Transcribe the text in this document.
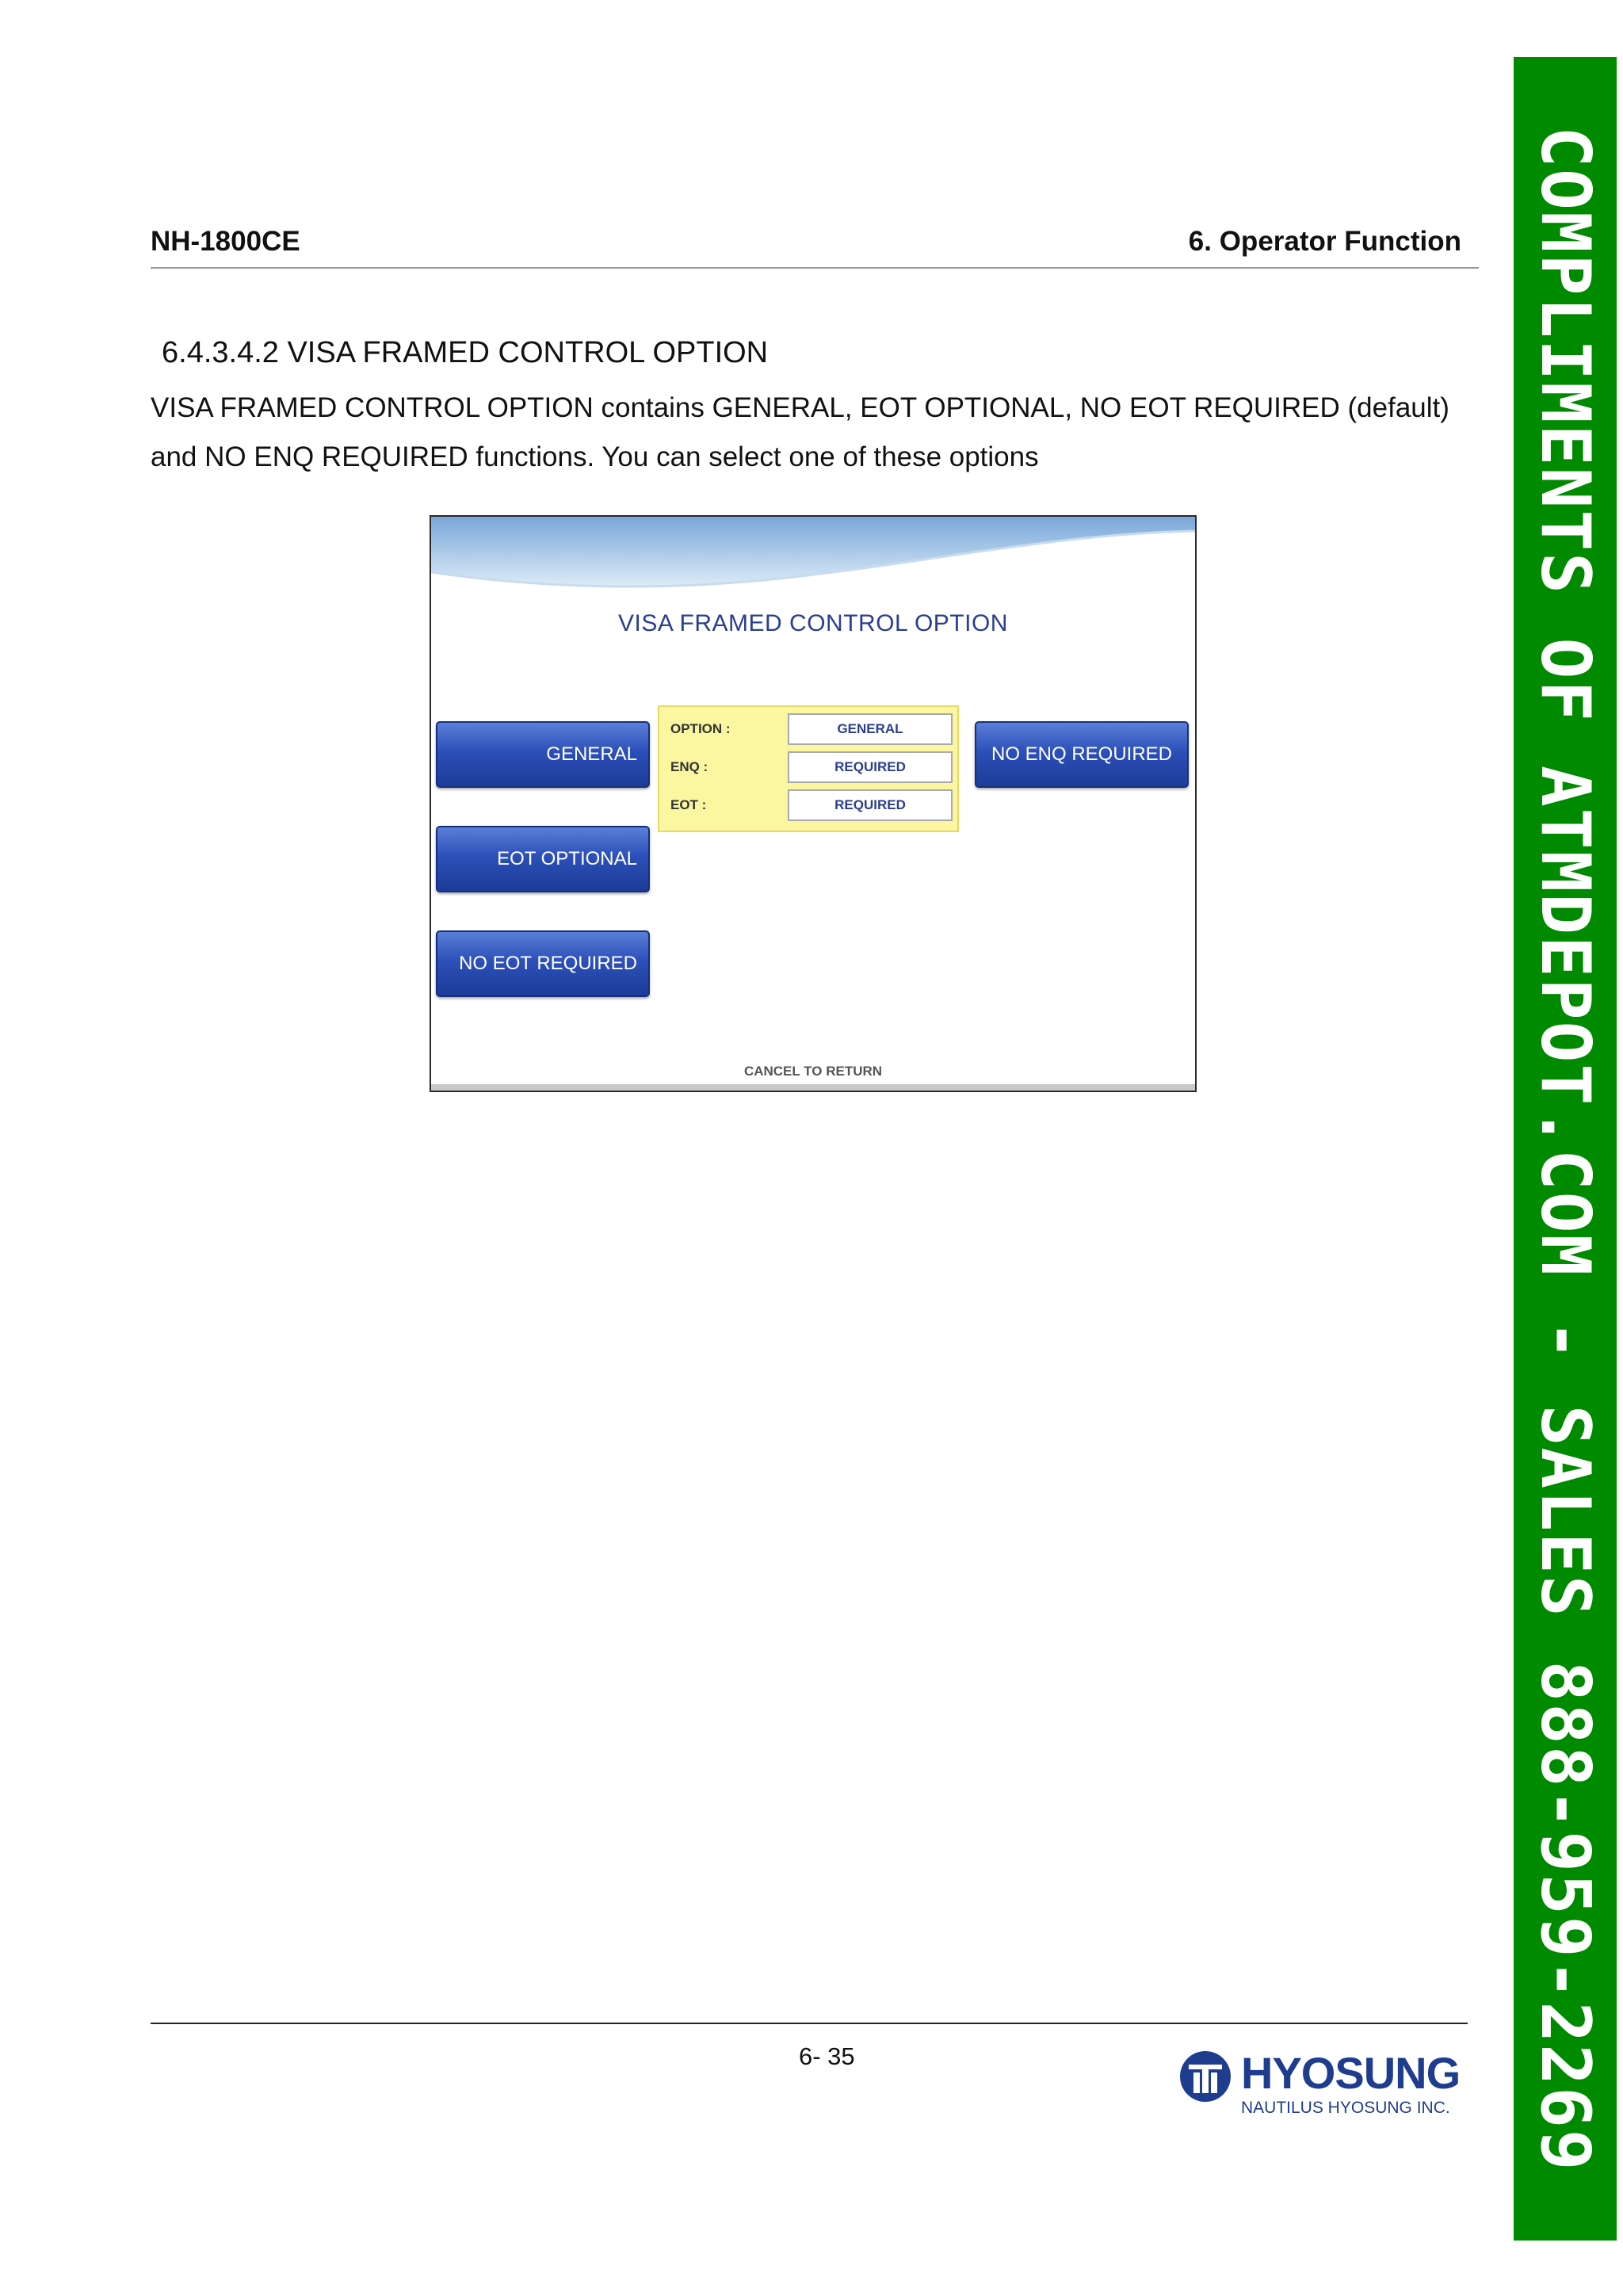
NH-1800CE	6. Operator Function
6.4.3.4.2 VISA FRAMED CONTROL OPTION
VISA FRAMED CONTROL OPTION contains GENERAL, EOT OPTIONAL, NO EOT REQUIRED (default) and NO ENQ REQUIRED functions. You can select one of these options
VISA FRAMED CONTROL OPTION
GENERAL
EOT OPTIONAL
NO EOT REQUIRED
NO ENQ REQUIRED
OPTION :	GENERAL
ENQ :	REQUIRED
EOT :	REQUIRED
CANCEL TO RETURN
6- 35	HYOSUNG
NAUTILUS HYOSUNG INC. COMPLIMENTS OF ATMDEPOT.COM - SALES 888-959-2269
